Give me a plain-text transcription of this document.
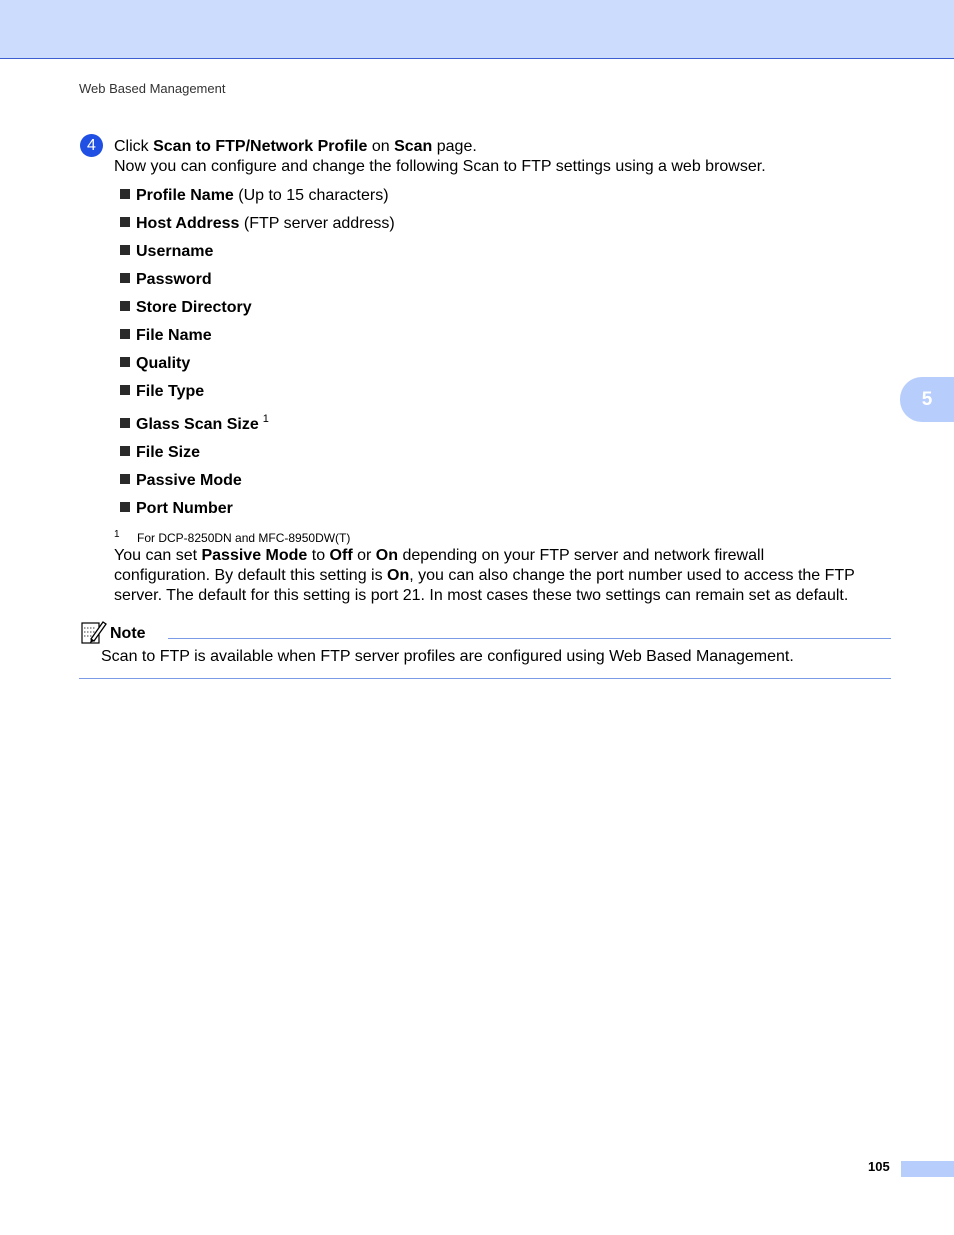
Web Based Management
5
4	Click Scan to FTP/Network Profile on Scan page.
Now you can configure and change the following Scan to FTP settings using a web browser.
Profile Name (Up to 15 characters)
Host Address (FTP server address)
Username
Password
Store Directory
File Name
Quality
File Type
Glass Scan Size $^1$
File Size
Passive Mode
Port Number
1 For DCP-8250DN and MFC-8950DW(T)
You can set Passive Mode to Off or On depending on your FTP server and network firewall
configuration. By default this setting is On, you can also change the port number used to access the FTP
server. The default for this setting is port 21. In most cases these two settings can remain set as default.
Note
Scan to FTP is available when FTP server profiles are configured using Web Based Management.
105
